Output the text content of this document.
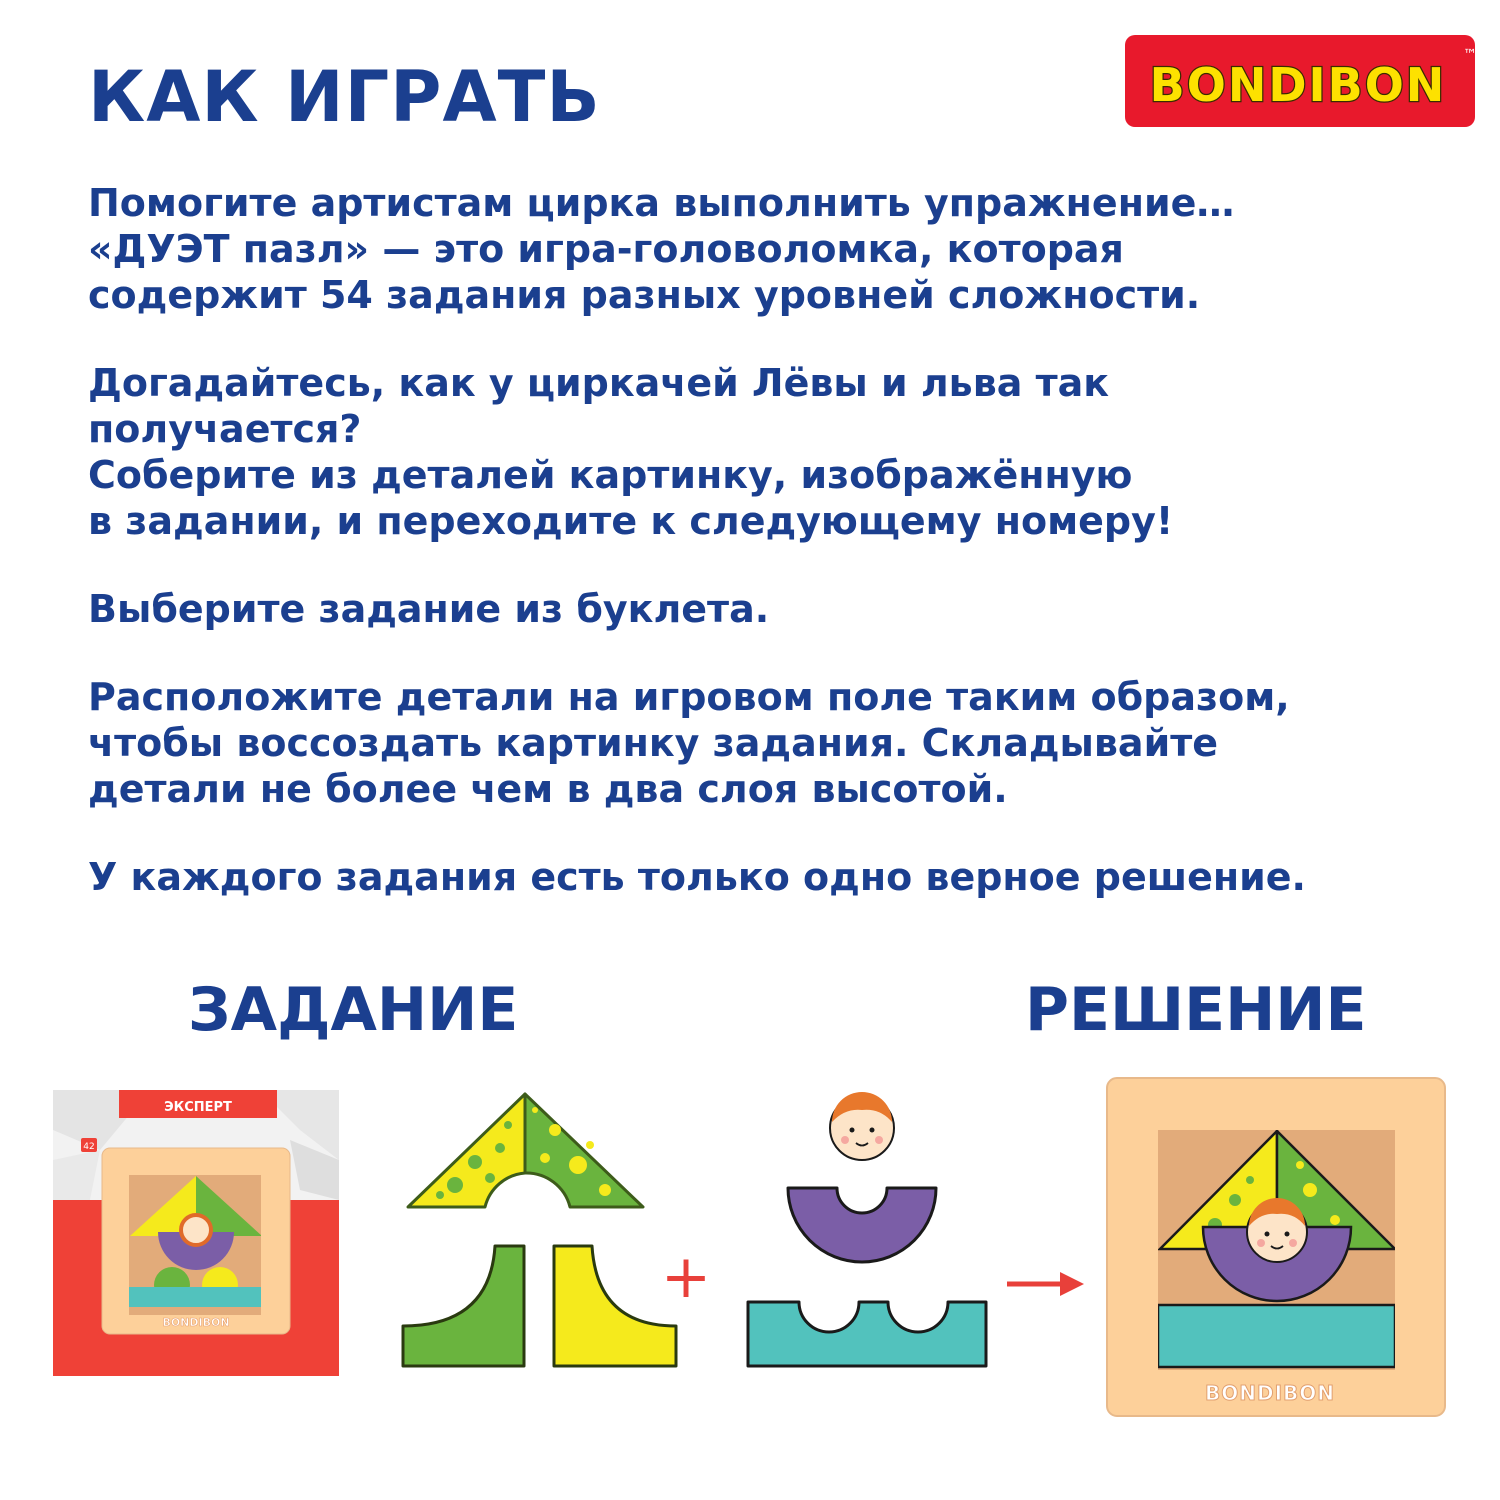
КАК ИГРАТЬ	BONDIBON
™

Помогите артистам цирка выполнить упражнение…
«ДУЭТ пазл» — это игра-головоломка, которая
содержит 54 задания разных уровней сложности.

Догадайтесь, как у циркачей Лёвы и льва так
получается?
Соберите из деталей картинку, изображённую
в задании, и переходите к следующему номеру!

Выберите задание из буклета.

Расположите детали на игровом поле таким образом,
чтобы воссоздать картинку задания. Складывайте
детали не более чем в два слоя высотой.

У каждого задания есть только одно верное решение.

ЗАДАНИЕ	РЕШЕНИЕ
ЭКСПЕРТ
42
BONDIBON
+
BONDIBON
